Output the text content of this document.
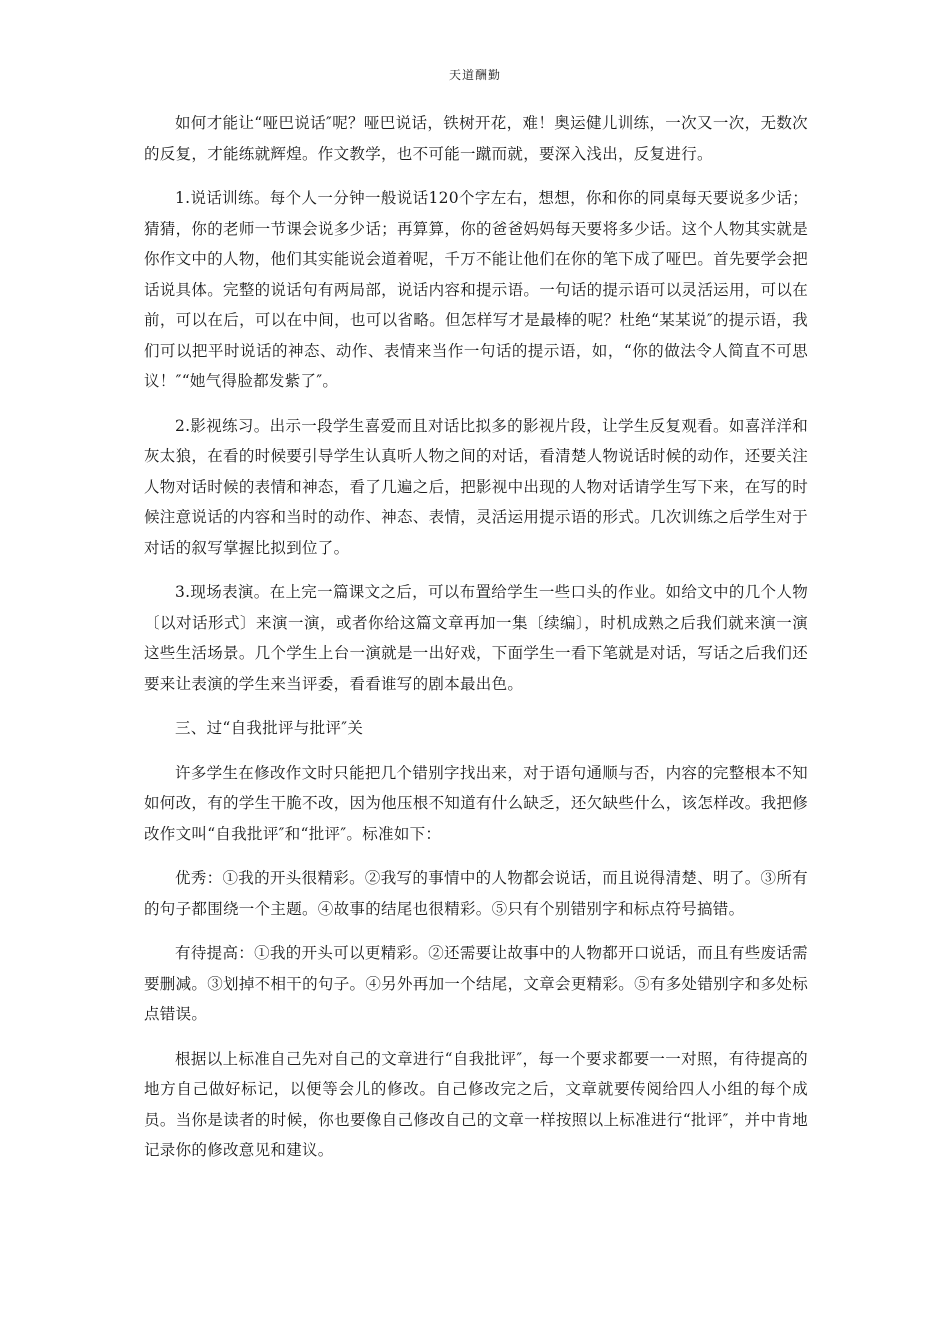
天道酬勤

如何才能让“哑巴说话″呢？哑巴说话，铁树开花，难！奥运健儿训练，一次又一次，无数次的反复，才能练就辉煌。作文教学，也不可能一蹴而就，要深入浅出，反复进行。

1.说话训练。每个人一分钟一般说话120个字左右，想想，你和你的同桌每天要说多少话；猜猜，你的老师一节课会说多少话；再算算，你的爸爸妈妈每天要将多少话。这个人物其实就是你作文中的人物，他们其实能说会道着呢，千万不能让他们在你的笔下成了哑巴。首先要学会把话说具体。完整的说话句有两局部，说话内容和提示语。一句话的提示语可以灵活运用，可以在前，可以在后，可以在中间，也可以省略。但怎样写才是最棒的呢？杜绝“某某说″的提示语，我们可以把平时说话的神态、动作、表情来当作一句话的提示语，如，“你的做法令人简直不可思议！″“她气得脸都发紫了″。

2.影视练习。出示一段学生喜爱而且对话比拟多的影视片段，让学生反复观看。如喜洋洋和灰太狼，在看的时候要引导学生认真听人物之间的对话，看清楚人物说话时候的动作，还要关注人物对话时候的表情和神态，看了几遍之后，把影视中出现的人物对话请学生写下来，在写的时候注意说话的内容和当时的动作、神态、表情，灵活运用提示语的形式。几次训练之后学生对于对话的叙写掌握比拟到位了。

3.现场表演。在上完一篇课文之后，可以布置给学生一些口头的作业。如给文中的几个人物〔以对话形式〕来演一演，或者你给这篇文章再加一集〔续编〕，时机成熟之后我们就来演一演这些生活场景。几个学生上台一演就是一出好戏，下面学生一看下笔就是对话，写话之后我们还要来让表演的学生来当评委，看看谁写的剧本最出色。

三、过“自我批评与批评″关

许多学生在修改作文时只能把几个错别字找出来，对于语句通顺与否，内容的完整根本不知如何改，有的学生干脆不改，因为他压根不知道有什么缺乏，还欠缺些什么，该怎样改。我把修改作文叫“自我批评″和“批评″。标准如下：

优秀：①我的开头很精彩。②我写的事情中的人物都会说话，而且说得清楚、明了。③所有的句子都围绕一个主题。④故事的结尾也很精彩。⑤只有个别错别字和标点符号搞错。

有待提高：①我的开头可以更精彩。②还需要让故事中的人物都开口说话，而且有些废话需要删减。③划掉不相干的句子。④另外再加一个结尾，文章会更精彩。⑤有多处错别字和多处标点错误。

根据以上标准自己先对自己的文章进行“自我批评″，每一个要求都要一一对照，有待提高的地方自己做好标记，以便等会儿的修改。自己修改完之后，文章就要传阅给四人小组的每个成员。当你是读者的时候，你也要像自己修改自己的文章一样按照以上标准进行“批评″，并中肯地记录你的修改意见和建议。
